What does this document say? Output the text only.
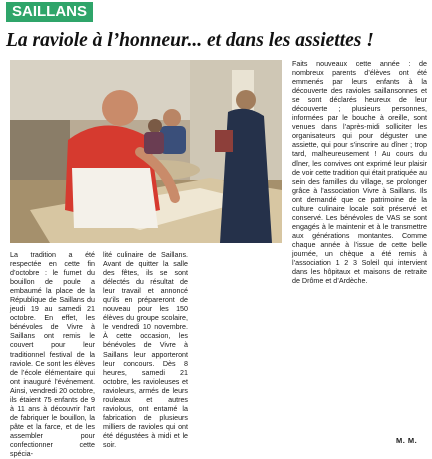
SAILLANS
La raviole à l’honneur... et dans les assiettes !
La tradition a été respectée en cette fin d’octobre : le fumet du bouillon de poule a embaumé la place de la République de Saillans du jeudi 19 au samedi 21 octobre. En effet, les bénévoles de Vivre à Saillans ont remis le couvert pour leur traditionnel festival de la raviole. Ce sont les élèves de l’école élémentaire qui ont inauguré l’événement. Ainsi, vendredi 20 octobre, ils étaient 75 enfants de 9 à 11 ans à découvrir l’art de fabriquer le bouillon, la pâte et la farce, et de les assembler pour confectionner cette spécia-
lité culinaire de Saillans. Avant de quitter la salle des fêtes, ils se sont délectés du résultat de leur travail et annoncé qu’ils en prépareront de nouveau pour les 150 élèves du groupe scolaire, le vendredi 10 novembre. À cette occasion, les bénévoles de Vivre à Saillans leur apporteront leur concours. Dès 8 heures, samedi 21 octobre, les ravioleuses et ravioleurs, armés de leurs rouleaux et autres raviolous, ont entamé la fabrication de plusieurs milliers de ravioles qui ont été dégustées à midi et le soir.
Faits nouveaux cette année : de nombreux parents d’élèves ont été emmenés par leurs enfants à la découverte des ravioles saillansonnes et se sont déclarés heureux de leur découverte ; plusieurs personnes, informées par le bouche à oreille, sont venues dans l’après-midi solliciter les organisateurs qui pour déguster une assiette, qui pour s’inscrire au dîner ; trop tard, malheureusement ! Au cours du dîner, les convives ont exprimé leur plaisir de voir cette tradition qui était pratiquée au sein des familles du village, se prolonger grâce à l’association Vivre à Saillans. Ils ont demandé que ce patrimoine de la culture culinaire locale soit préservé et conservé. Les bénévoles de VAS se sont engagés à le maintenir et à le transmettre aux générations montantes. Comme chaque année à l’issue de cette belle journée, un chèque a été remis à l’association 1 2 3 Soleil qui intervient dans les hôpitaux et maisons de retraite de Drôme et d’Ardèche.
M. M.
